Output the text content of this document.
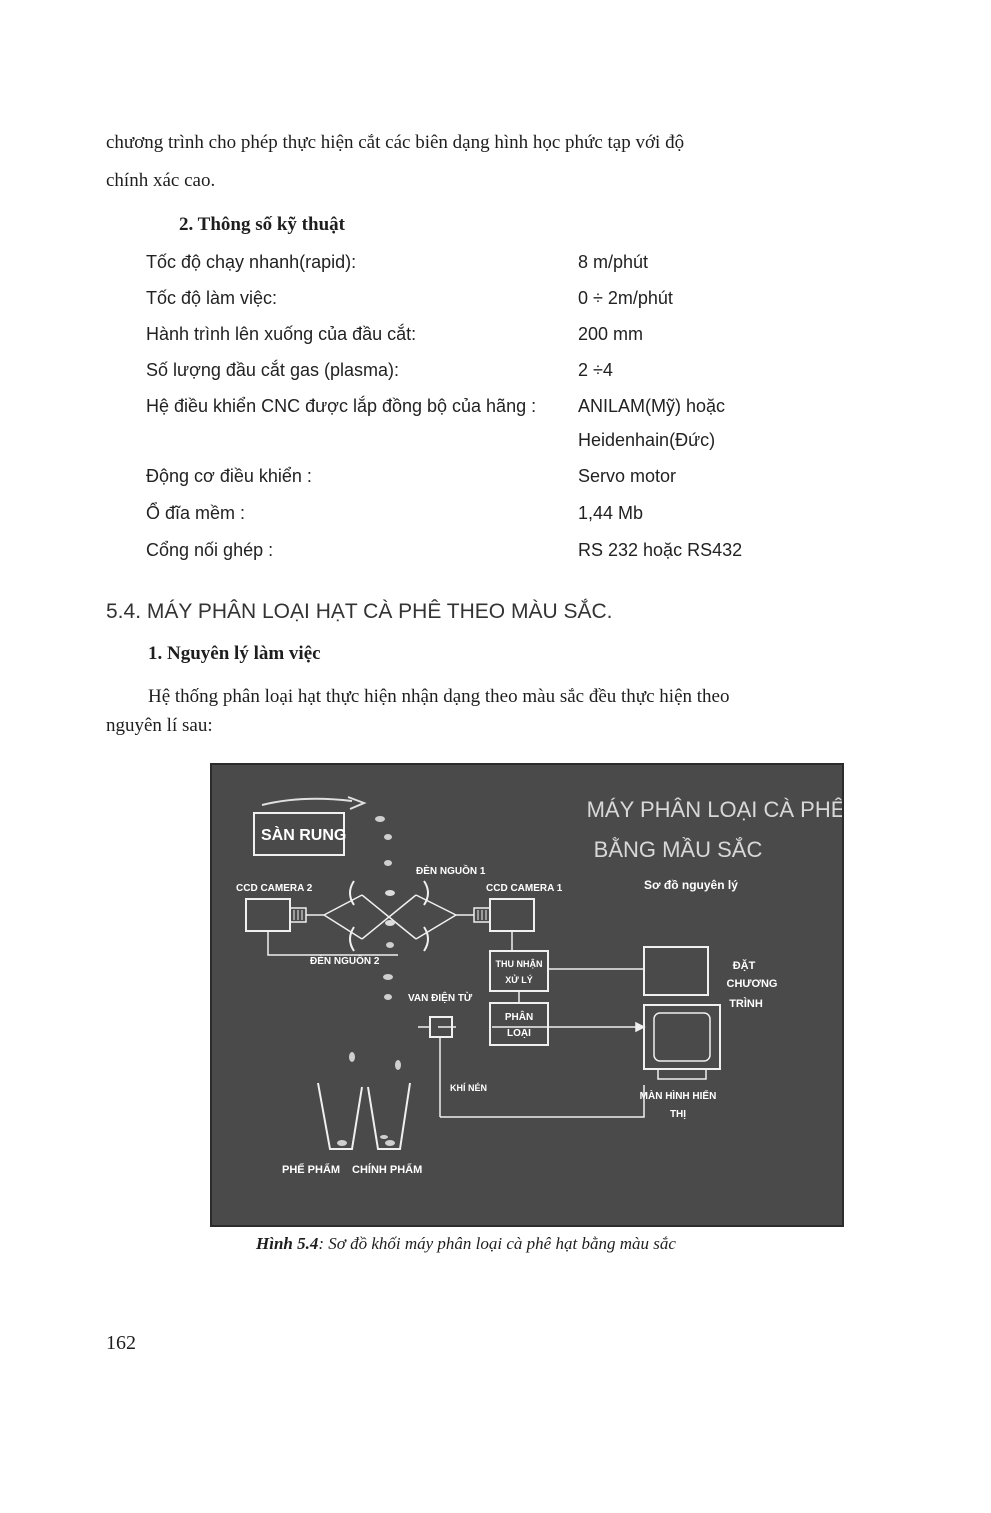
chương trình cho phép thực hiện cắt các biên dạng hình học phức tạp với độ
chính xác cao.
2. Thông số kỹ thuật
Tốc độ chạy nhanh(rapid):	8 m/phút
Tốc độ làm việc:	0 ÷ 2m/phút
Hành trình lên xuống của đầu cắt:	200 mm
Số lượng đầu cắt gas (plasma):	2 ÷4
Hệ điều khiển CNC được lắp đồng bộ của hãng : ANILAM(Mỹ) hoặc
Heidenhain(Đức)
Động cơ điều khiển :	Servo motor
Ổ đĩa mềm :	1,44 Mb
Cổng nối ghép :	RS 232 hoặc RS432
5.4. MÁY PHÂN LOẠI HẠT CÀ PHÊ THEO MÀU SẮC.
1. Nguyên lý làm việc
Hệ thống phân loại hạt thực hiện nhận dạng theo màu sắc đều thực hiện theo
nguyên lí sau:
MÁY PHÂN LOẠI CÀ PHÊ
BẰNG MẦU SẮC
Sơ đồ nguyên lý
SÀN RUNG
ĐÈN NGUỒN 1
ĐÈN NGUỒN 2
CCD CAMERA 2	CCD CAMERA 1
THU NHẬN
XỬ LÝ
PHÂN
LOẠI
ĐẶT
CHƯƠNG
TRÌNH
MÀN HÌNH HIỂN
THỊ
VAN ĐIỆN TỪ
KHÍ NÉN
PHẾ PHẨM CHÍNH PHẨM
Hình 5.4: Sơ đồ khối máy phân loại cà phê hạt bằng màu sắc
162
